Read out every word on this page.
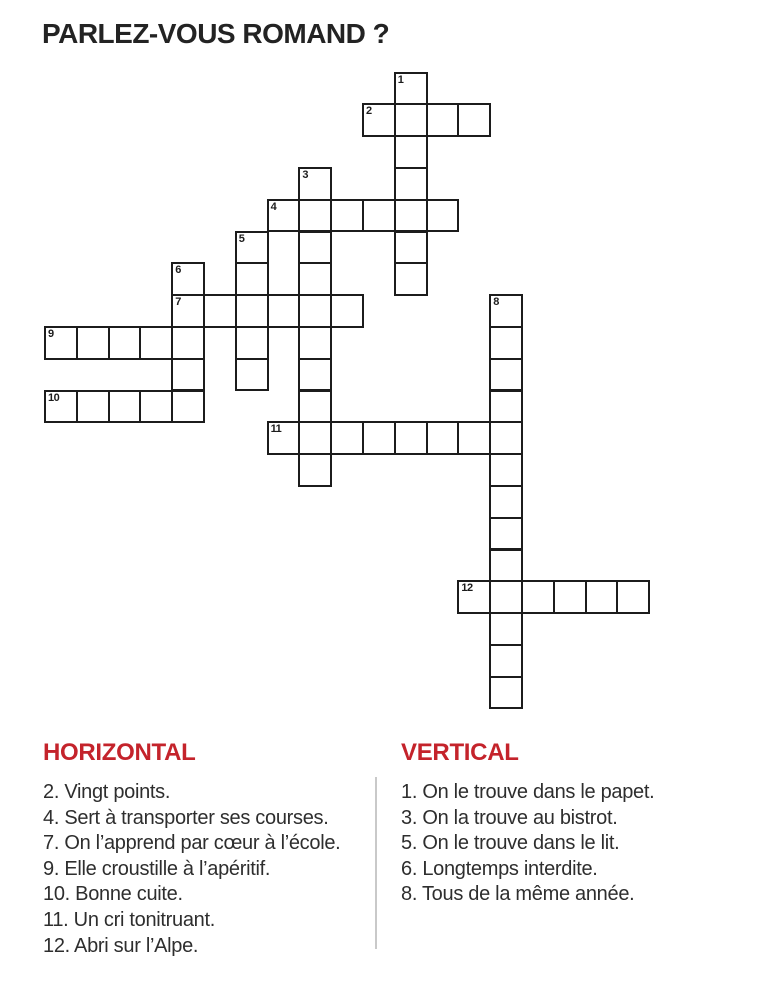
PARLEZ-VOUS ROMAND ?
1
2
3
4
5
6
7	8
9
10
11
12
HORIZONTAL
2. Vingt points.
4. Sert à transporter ses courses.
7. On l’apprend par cœur à l’école.
9. Elle croustille à l’apéritif.
10. Bonne cuite.
11. Un cri tonitruant.
12. Abri sur l’Alpe.
VERTICAL
1. On le trouve dans le papet.
3. On la trouve au bistrot.
5. On le trouve dans le lit.
6. Longtemps interdite.
8. Tous de la même année.
